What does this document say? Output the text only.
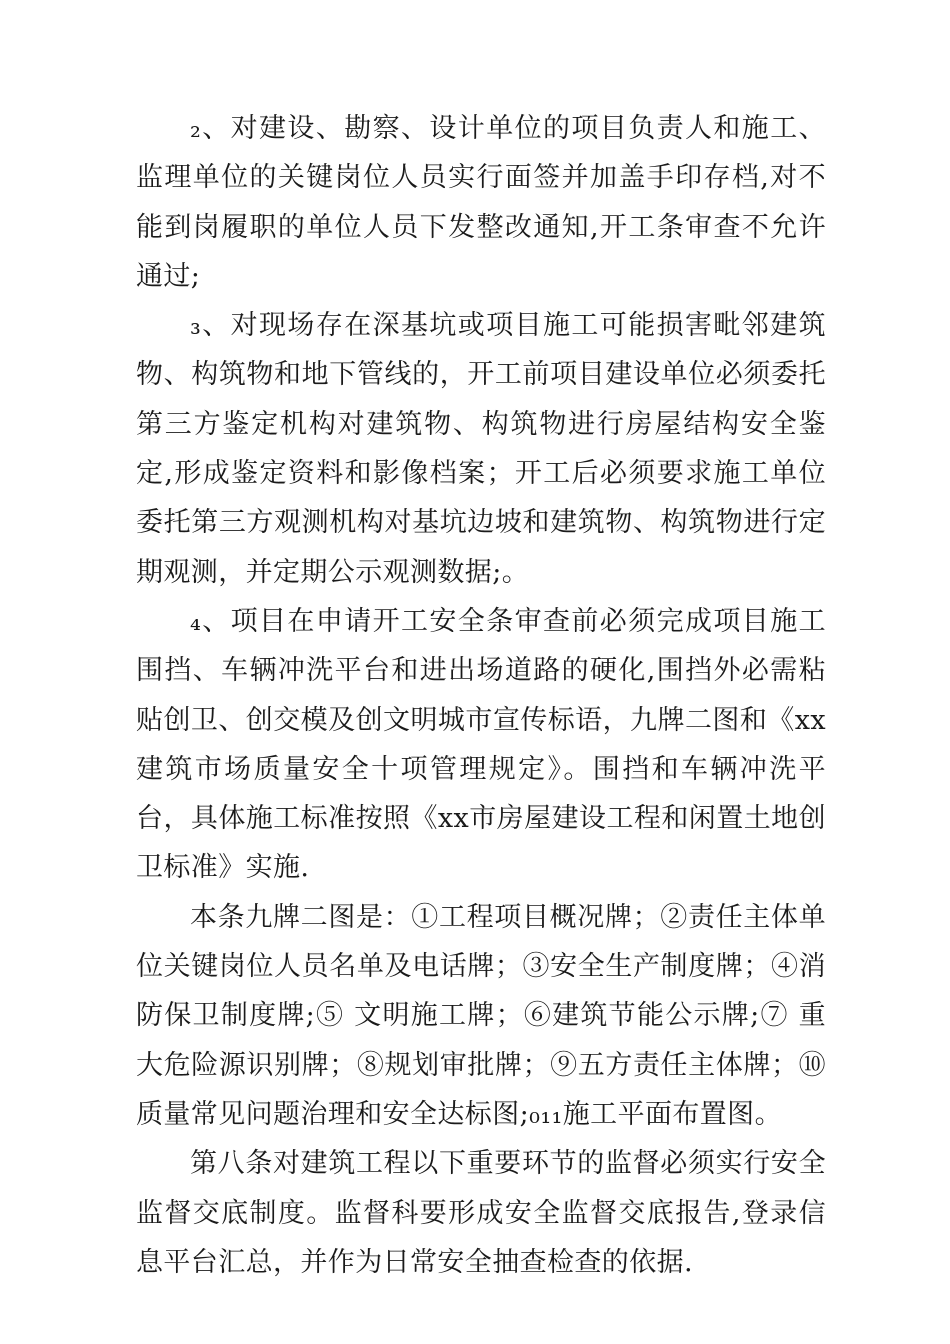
₂、对建设、勘察、设计单位的项目负责人和施工、监理单位的关键岗位人员实行面签并加盖手印存档,对不能到岗履职的单位人员下发整改通知,开工条审查不允许通过;

₃、对现场存在深基坑或项目施工可能损害毗邻建筑物、构筑物和地下管线的，开工前项目建设单位必须委托第三方鉴定机构对建筑物、构筑物进行房屋结构安全鉴定,形成鉴定资料和影像档案；开工后必须要求施工单位委托第三方观测机构对基坑边坡和建筑物、构筑物进行定期观测，并定期公示观测数据;。

₄、项目在申请开工安全条审查前必须完成项目施工围挡、车辆冲洗平台和进出场道路的硬化,围挡外必需粘贴创卫、创交模及创文明城市宣传标语，九牌二图和《xx建筑市场质量安全十项管理规定》。围挡和车辆冲洗平台，具体施工标准按照《xx市房屋建设工程和闲置土地创卫标准》实施.

本条九牌二图是：①工程项目概况牌；②责任主体单位关键岗位人员名单及电话牌；③安全生产制度牌；④消防保卫制度牌;⑤ 文明施工牌；⑥建筑节能公示牌;⑦ 重大危险源识别牌；⑧规划审批牌；⑨五方责任主体牌；⑩质量常见问题治理和安全达标图;₀₁₁施工平面布置图。

第八条对建筑工程以下重要环节的监督必须实行安全监督交底制度。监督科要形成安全监督交底报告,登录信息平台汇总，并作为日常安全抽查检查的依据.
